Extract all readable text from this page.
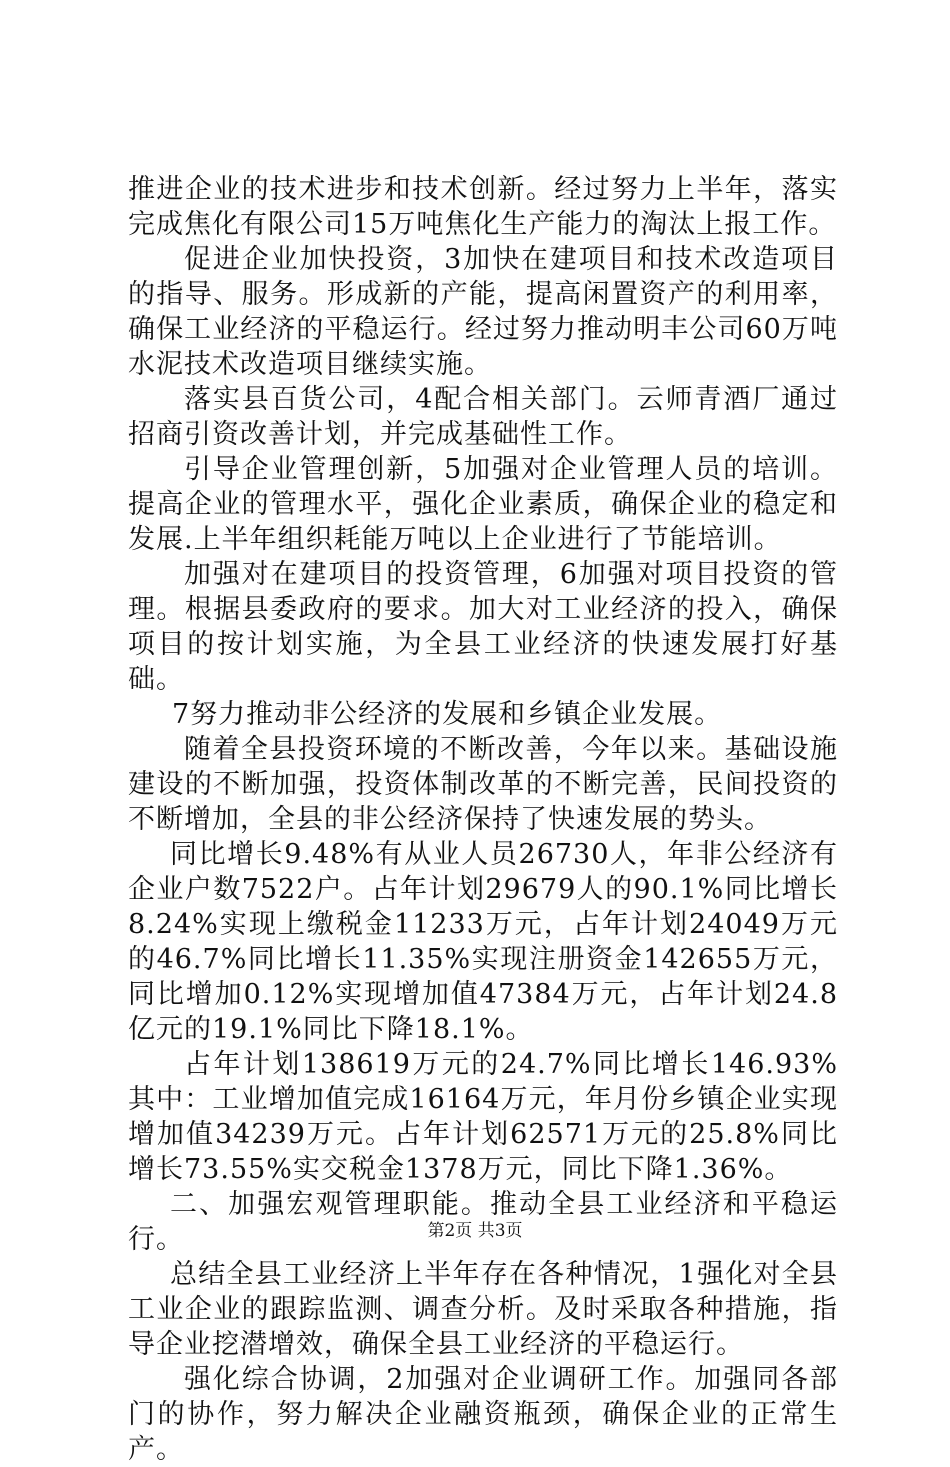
推进企业的技术进步和技术创新。经过努力上半年，落实完成焦化有限公司15万吨焦化生产能力的淘汰上报工作。

促进企业加快投资，3加快在建项目和技术改造项目的指导、服务。形成新的产能，提高闲置资产的利用率，确保工业经济的平稳运行。经过努力推动明丰公司60万吨水泥技术改造项目继续实施。

落实县百货公司，4配合相关部门。云师青酒厂通过招商引资改善计划，并完成基础性工作。

引导企业管理创新，5加强对企业管理人员的培训。提高企业的管理水平，强化企业素质，确保企业的稳定和发展.上半年组织耗能万吨以上企业进行了节能培训。

加强对在建项目的投资管理，6加强对项目投资的管理。根据县委政府的要求。加大对工业经济的投入，确保项目的按计划实施，为全县工业经济的快速发展打好基础。

7努力推动非公经济的发展和乡镇企业发展。

随着全县投资环境的不断改善，今年以来。基础设施建设的不断加强，投资体制改革的不断完善，民间投资的不断增加，全县的非公经济保持了快速发展的势头。

同比增长9.48%有从业人员26730人，年非公经济有企业户数7522户。占年计划29679人的90.1%同比增长8.24%实现上缴税金11233万元，占年计划24049万元的46.7%同比增长11.35%实现注册资金142655万元，同比增加0.12%实现增加值47384万元，占年计划24.8亿元的19.1%同比下降18.1%。

占年计划138619万元的24.7%同比增长146.93%其中：工业增加值完成16164万元，年月份乡镇企业实现增加值34239万元。占年计划62571万元的25.8%同比增长73.55%实交税金1378万元，同比下降1.36%。

二、加强宏观管理职能。推动全县工业经济和平稳运行。

总结全县工业经济上半年存在各种情况，1强化对全县工业企业的跟踪监测、调查分析。及时采取各种措施，指导企业挖潜增效，确保全县工业经济的平稳运行。

强化综合协调，2加强对企业调研工作。加强同各部门的协作，努力解决企业融资瓶颈，确保企业的正常生产。

第2页 共3页
